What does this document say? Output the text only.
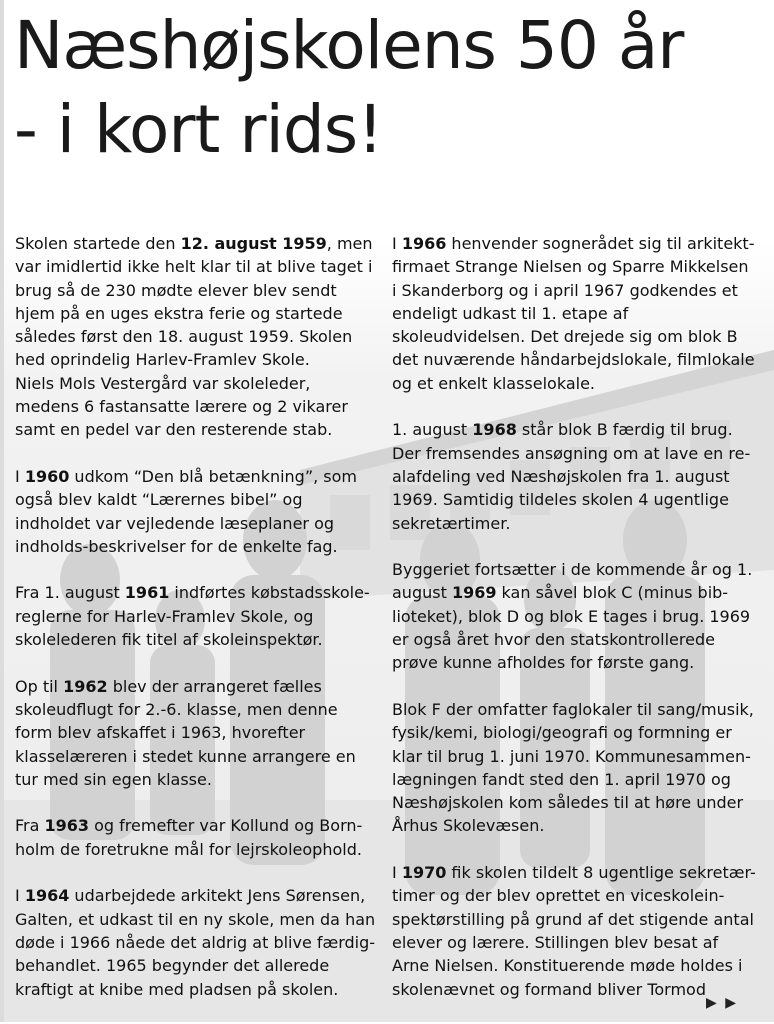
Næshøjskolens 50 år
- i kort rids!

Skolen startede den 12. august 1959, men var imidlertid ikke helt klar til at blive taget i brug så de 230 mødte elever blev sendt hjem på en uges ekstra ferie og startede således først den 18. august 1959. Skolen hed oprindelig Harlev-Framlev Skole.
Niels Mols Vestergård var skoleleder, medens 6 fastansatte lærere og 2 vikarer samt en pedel var den resterende stab.

I 1960 udkom “Den blå betænkning”, som også blev kaldt “Lærernes bibel” og indholdet var vejledende læseplaner og indholds-beskrivelser for de enkelte fag.

Fra 1. august 1961 indførtes købstadsskole-reglerne for Harlev-Framlev Skole, og skolelederen fik titel af skoleinspektør.

Op til 1962 blev der arrangeret fælles skoleudflugt for 2.-6. klasse, men denne form blev afskaffet i 1963, hvorefter klasselæreren i stedet kunne arrangere en tur med sin egen klasse.

Fra 1963 og fremefter var Kollund og Born-holm de foretrukne mål for lejrskoleophold.

I 1964 udarbejdede arkitekt Jens Sørensen, Galten, et udkast til en ny skole, men da han døde i 1966 nåede det aldrig at blive færdig-behandlet. 1965 begynder det allerede kraftigt at knibe med pladsen på skolen.

I 1966 henvender sognerådet sig til arkitekt-firmaet Strange Nielsen og Sparre Mikkelsen i Skanderborg og i april 1967 godkendes et endeligt udkast til 1. etape af skoleudvidelsen. Det drejede sig om blok B det nuværende håndarbejdslokale, filmlokale og et enkelt klasselokale.

1. august 1968 står blok B færdig til brug. Der fremsendes ansøgning om at lave en re-alafdeling ved Næshøjskolen fra 1. august 1969. Samtidig tildeles skolen 4 ugentlige sekretærtimer.

Byggeriet fortsætter i de kommende år og 1. august 1969 kan såvel blok C (minus bib-lioteket), blok D og blok E tages i brug. 1969 er også året hvor den statskontrollerede prøve kunne afholdes for første gang.

Blok F der omfatter faglokaler til sang/musik, fysik/kemi, biologi/geografi og formning er klar til brug 1. juni 1970. Kommunesammen-lægningen fandt sted den 1. april 1970 og Næshøjskolen kom således til at høre under Århus Skolevæsen.

I 1970 fik skolen tildelt 8 ugentlige sekretær-timer og der blev oprettet en viceskolein-spektørstilling på grund af det stigende antal elever og lærere. Stillingen blev besat af Arne Nielsen. Konstituerende møde holdes i skolenævnet og formand bliver Tormod

▶ ▶
